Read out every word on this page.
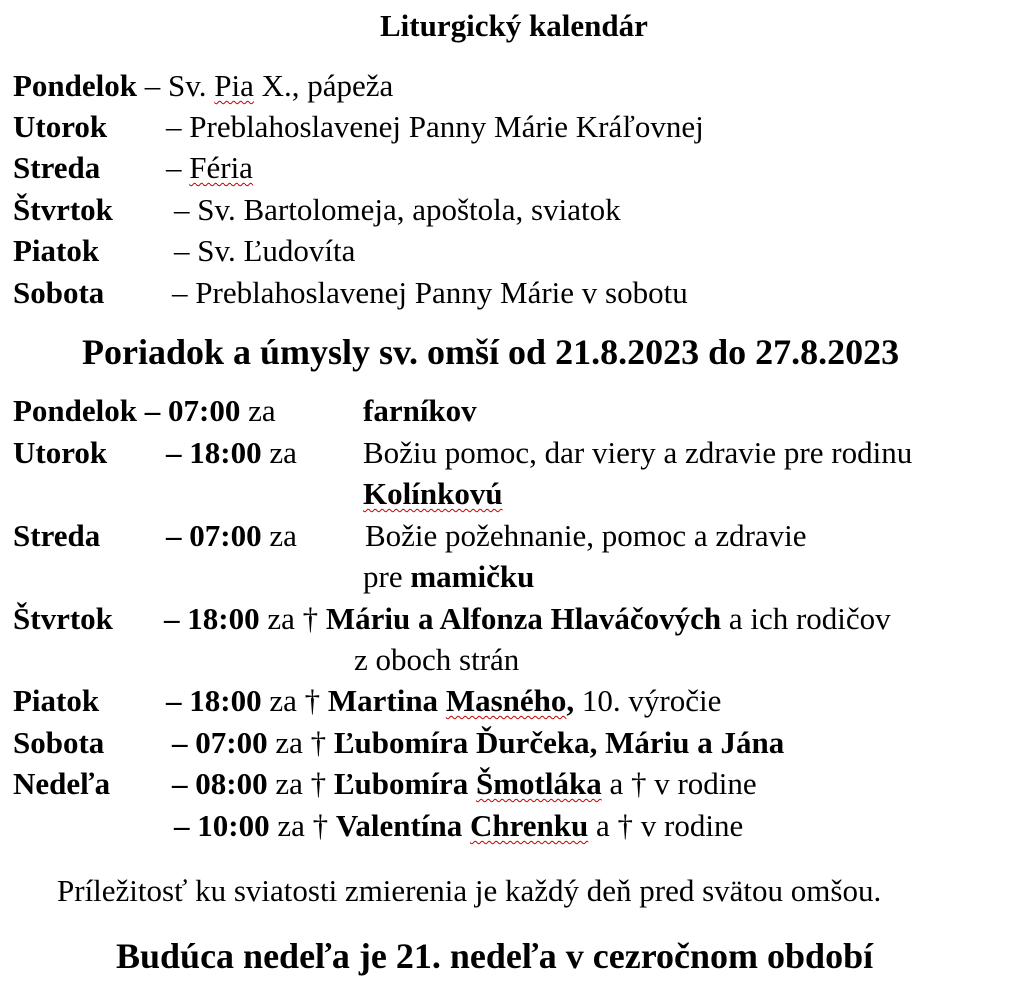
Liturgický kalendár
Pondelok – Sv. Pia X., pápeža
Utorok – Preblahoslavenej Panny Márie Kráľovnej
Streda – Féria
Štvrtok – Sv. Bartolomeja, apoštola, sviatok
Piatok – Sv. Ľudovíta
Sobota – Preblahoslavenej Panny Márie v sobotu
Poriadok a úmysly sv. omší od 21.8.2023 do 27.8.2023
Pondelok – 07:00 za	farníkov
Utorok – 18:00 za Božiu pomoc, dar viery a zdravie pre rodinu
Kolínkovú
Streda – 07:00 za Božie požehnanie, pomoc a zdravie
pre mamičku
Štvrtok – 18:00 za † Máriu a Alfonza Hlaváčových a ich rodičov
z oboch strán
Piatok – 18:00 za † Martina Masného, 10. výročie
Sobota – 07:00 za † Ľubomíra Ďurčeka, Máriu a Jána
Nedeľa – 08:00 za † Ľubomíra Šmotláka a † v rodine
– 10:00 za † Valentína Chrenku a † v rodine
Príležitosť ku sviatosti zmierenia je každý deň pred svätou omšou.
Budúca nedeľa je 21. nedeľa v cezročnom období
